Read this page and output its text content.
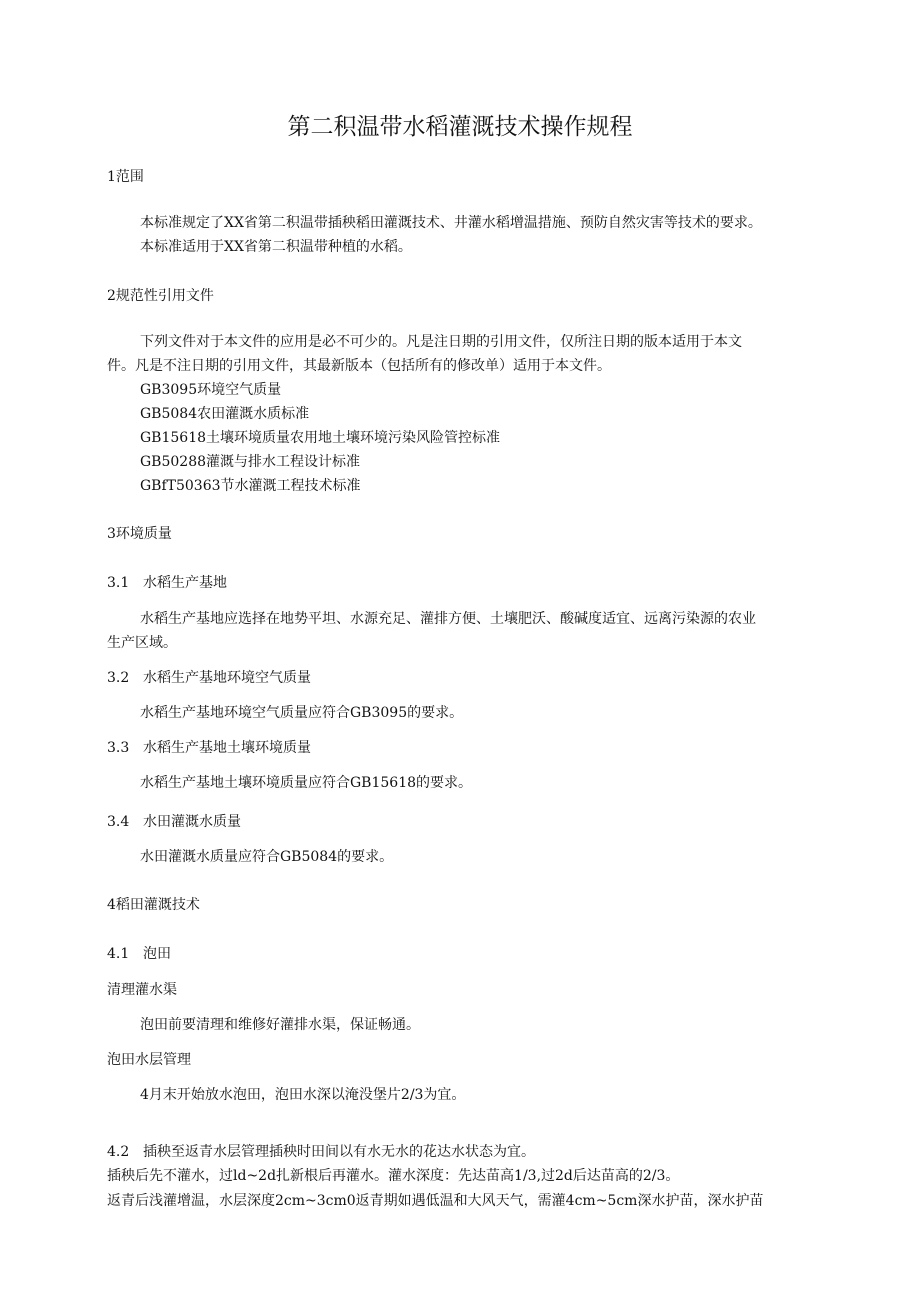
第二积温带水稻灌溉技术操作规程
1范围
本标准规定了XX省第二积温带插秧稻田灌溉技术、井灌水稻增温措施、预防自然灾害等技术的要求。
本标准适用于XX省第二积温带种植的水稻。
2规范性引用文件
下列文件对于本文件的应用是必不可少的。凡是注日期的引用文件，仅所注日期的版本适用于本文
件。凡是不注日期的引用文件，其最新版本（包括所有的修改单）适用于本文件。
GB3095环境空气质量
GB5084农田灌溉水质标准
GB15618土壤环境质量农用地土壤环境污染风险管控标准
GB50288灌溉与排水工程设计标准
GBfT50363节水灌溉工程技术标准
3环境质量
3.1 水稻生产基地
水稻生产基地应选择在地势平坦、水源充足、灌排方便、土壤肥沃、酸碱度适宜、远离污染源的农业
生产区域。
3.2 水稻生产基地环境空气质量
水稻生产基地环境空气质量应符合GB3095的要求。
3.3 水稻生产基地土壤环境质量
水稻生产基地土壤环境质量应符合GB15618的要求。
3.4 水田灌溉水质量
水田灌溉水质量应符合GB5084的要求。
4稻田灌溉技术
4.1 泡田
清理灌水渠
泡田前要清理和维修好灌排水渠，保证畅通。
泡田水层管理
4月末开始放水泡田，泡田水深以淹没堡片2/3为宜。
4.2 插秧至返青水层管理插秧时田间以有水无水的花达水状态为宜。
插秧后先不灌水，过ld~2d扎新根后再灌水。灌水深度：先达苗高1/3,过2d后达苗高的2/3。
返青后浅灌增温，水层深度2cm~3cm0返青期如遇低温和大风天气，需灌4cm~5cm深水护苗，深水护苗
